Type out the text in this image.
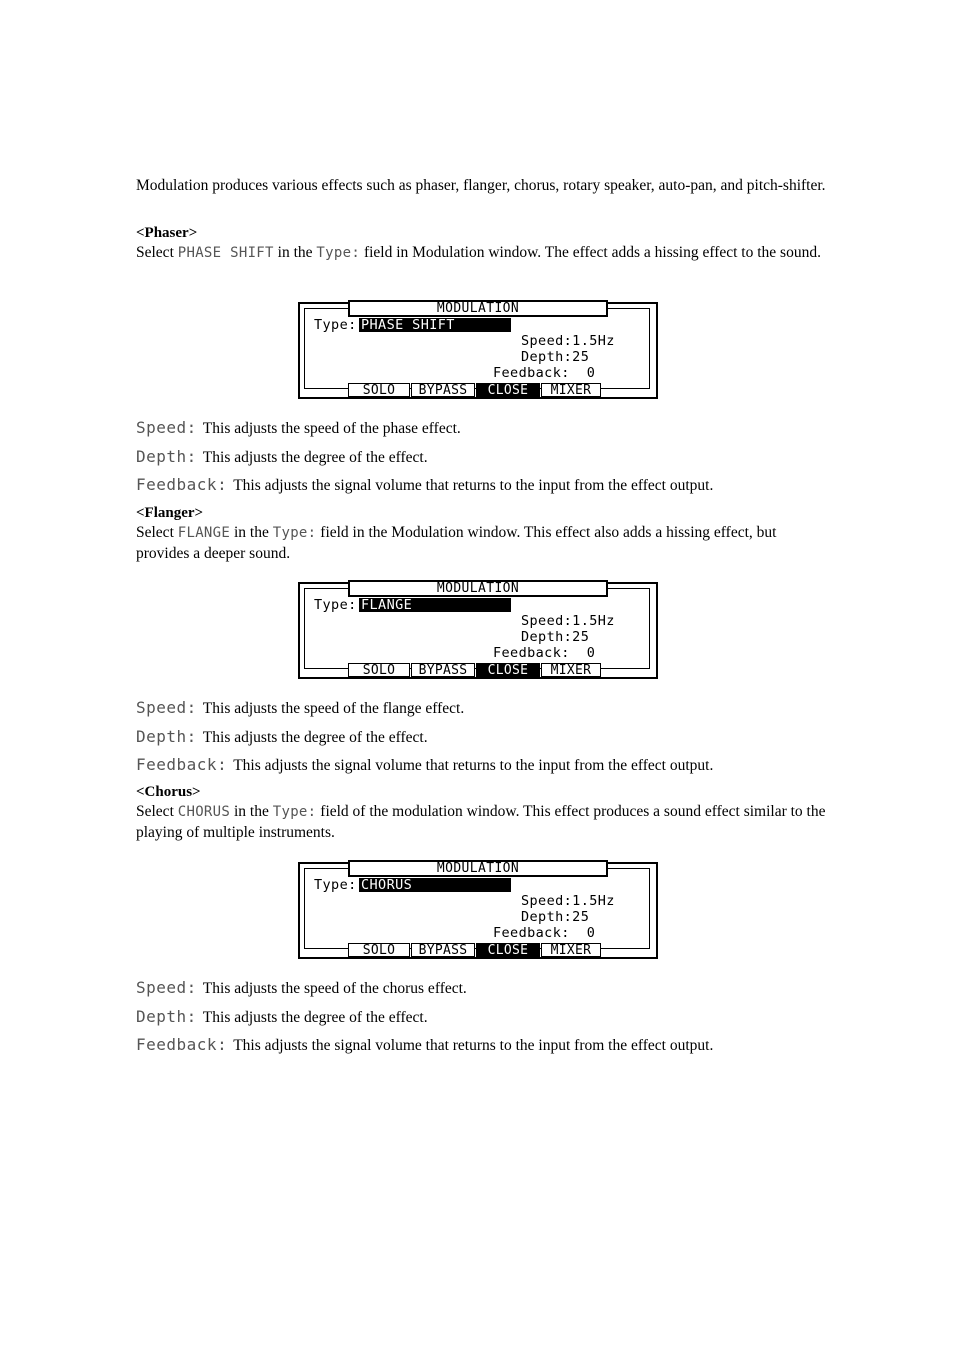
Modulation produces various effects such as phaser, flanger, chorus, rotary speaker, auto-pan, and pitch-shifter.
<Phaser>
Select PHASE SHIFT in the Type: field in Modulation window. The effect adds a hissing effect to the sound.
MODULATION
Type: PHASE SHIFT
Speed:1.5Hz
Depth:25
Feedback:  0
SOLO	BYPASS	CLOSE	MIXER
Speed: This adjusts the speed of the phase effect.
Depth: This adjusts the degree of the effect.
Feedback: This adjusts the signal volume that returns to the input from the effect output.
<Flanger>
Select FLANGE in the Type: field in the Modulation window. This effect also adds a hissing effect, but provides a deeper sound.
MODULATION
Type: FLANGE
Speed:1.5Hz
Depth:25
Feedback:  0
SOLO	BYPASS	CLOSE	MIXER
Speed: This adjusts the speed of the flange effect.
Depth: This adjusts the degree of the effect.
Feedback: This adjusts the signal volume that returns to the input from the effect output.
<Chorus>
Select CHORUS in the Type: field of the modulation window. This effect produces a sound effect similar to the playing of multiple instruments.
MODULATION
Type: CHORUS
Speed:1.5Hz
Depth:25
Feedback:  0
SOLO	BYPASS	CLOSE	MIXER
Speed: This adjusts the speed of the chorus effect.
Depth: This adjusts the degree of the effect.
Feedback: This adjusts the signal volume that returns to the input from the effect output.
